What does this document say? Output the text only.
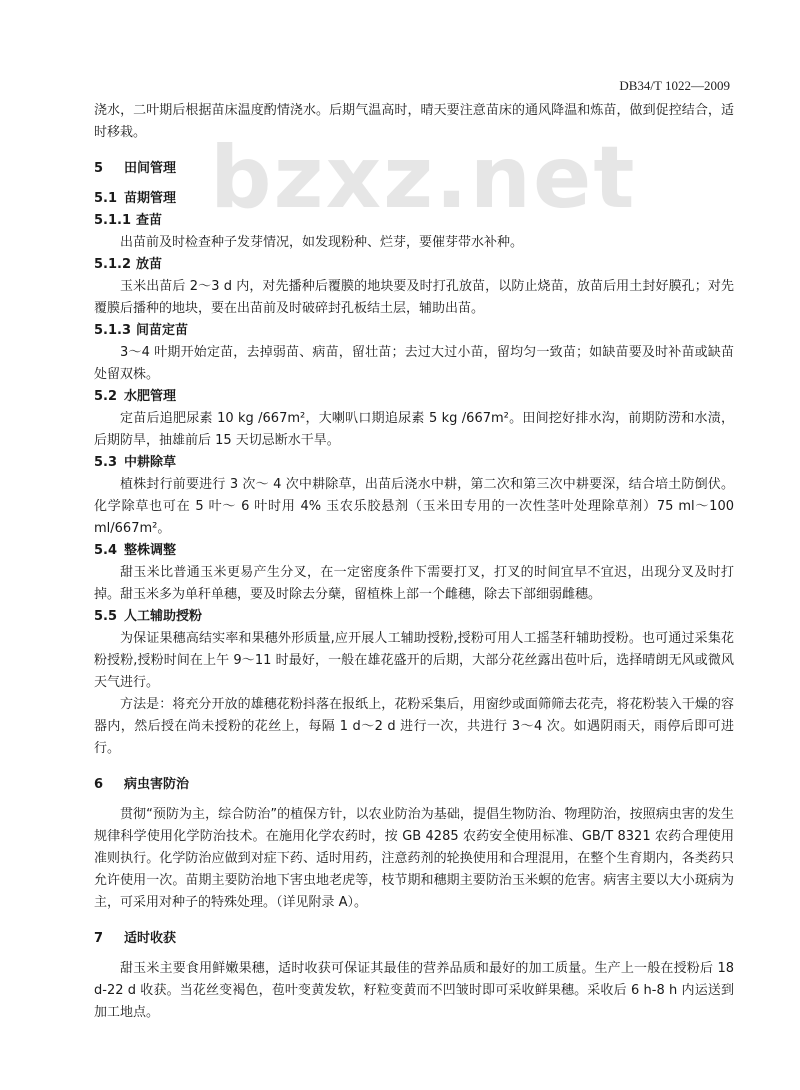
DB34/T 1022—2009
bzxz.net

浇水，二叶期后根据苗床温度酌情浇水。后期气温高时，晴天要注意苗床的通风降温和炼苗，做到促控结合，适时移栽。

5 田间管理
5.1 苗期管理
5.1.1 查苗

出苗前及时检查种子发芽情况，如发现粉种、烂芽，要催芽带水补种。

5.1.2 放苗

玉米出苗后 2～3 d 内，对先播种后覆膜的地块要及时打孔放苗，以防止烧苗，放苗后用土封好膜孔；对先覆膜后播种的地块，要在出苗前及时破碎封孔板结土层，辅助出苗。

5.1.3 间苗定苗

3～4 叶期开始定苗，去掉弱苗、病苗，留壮苗；去过大过小苗，留均匀一致苗；如缺苗要及时补苗或缺苗处留双株。

5.2 水肥管理

定苗后追肥尿素 10 kg /667m²，大喇叭口期追尿素 5 kg /667m²。田间挖好排水沟，前期防涝和水渍，后期防旱，抽雄前后 15 天切忌断水干旱。

5.3 中耕除草

植株封行前要进行 3 次～ 4 次中耕除草，出苗后浇水中耕，第二次和第三次中耕要深，结合培土防倒伏。化学除草也可在 5 叶～ 6 叶时用 4% 玉农乐胶悬剂（玉米田专用的一次性茎叶处理除草剂）75 ml～100 ml/667m²。

5.4 整株调整

甜玉米比普通玉米更易产生分叉，在一定密度条件下需要打叉，打叉的时间宜早不宜迟，出现分叉及时打掉。甜玉米多为单秆单穗，要及时除去分蘖，留植株上部一个雌穗，除去下部细弱雌穗。

5.5 人工辅助授粉

为保证果穗高结实率和果穗外形质量,应开展人工辅助授粉,授粉可用人工摇茎秆辅助授粉。也可通过采集花粉授粉,授粉时间在上午 9～11 时最好，一般在雄花盛开的后期，大部分花丝露出苞叶后，选择晴朗无风或微风天气进行。

方法是：将充分开放的雄穗花粉抖落在报纸上，花粉采集后，用窗纱或面筛筛去花壳，将花粉装入干燥的容器内，然后授在尚未授粉的花丝上，每隔 1 d～2 d 进行一次，共进行 3～4 次。如遇阴雨天，雨停后即可进行。

6 病虫害防治

贯彻“预防为主，综合防治”的植保方针，以农业防治为基础，提倡生物防治、物理防治，按照病虫害的发生规律科学使用化学防治技术。在施用化学农药时，按 GB 4285 农药安全使用标准、GB/T 8321 农药合理使用准则执行。化学防治应做到对症下药、适时用药，注意药剂的轮换使用和合理混用，在整个生育期内，各类药只允许使用一次。苗期主要防治地下害虫地老虎等，枝节期和穗期主要防治玉米螟的危害。病害主要以大小斑病为主，可采用对种子的特殊处理。（详见附录 A）。

7 适时收获

甜玉米主要食用鲜嫩果穗，适时收获可保证其最佳的营养品质和最好的加工质量。生产上一般在授粉后 18 d-22 d 收获。当花丝变褐色，苞叶变黄发软，籽粒变黄而不凹皱时即可采收鲜果穗。采收后 6 h-8 h 内运送到加工地点。
